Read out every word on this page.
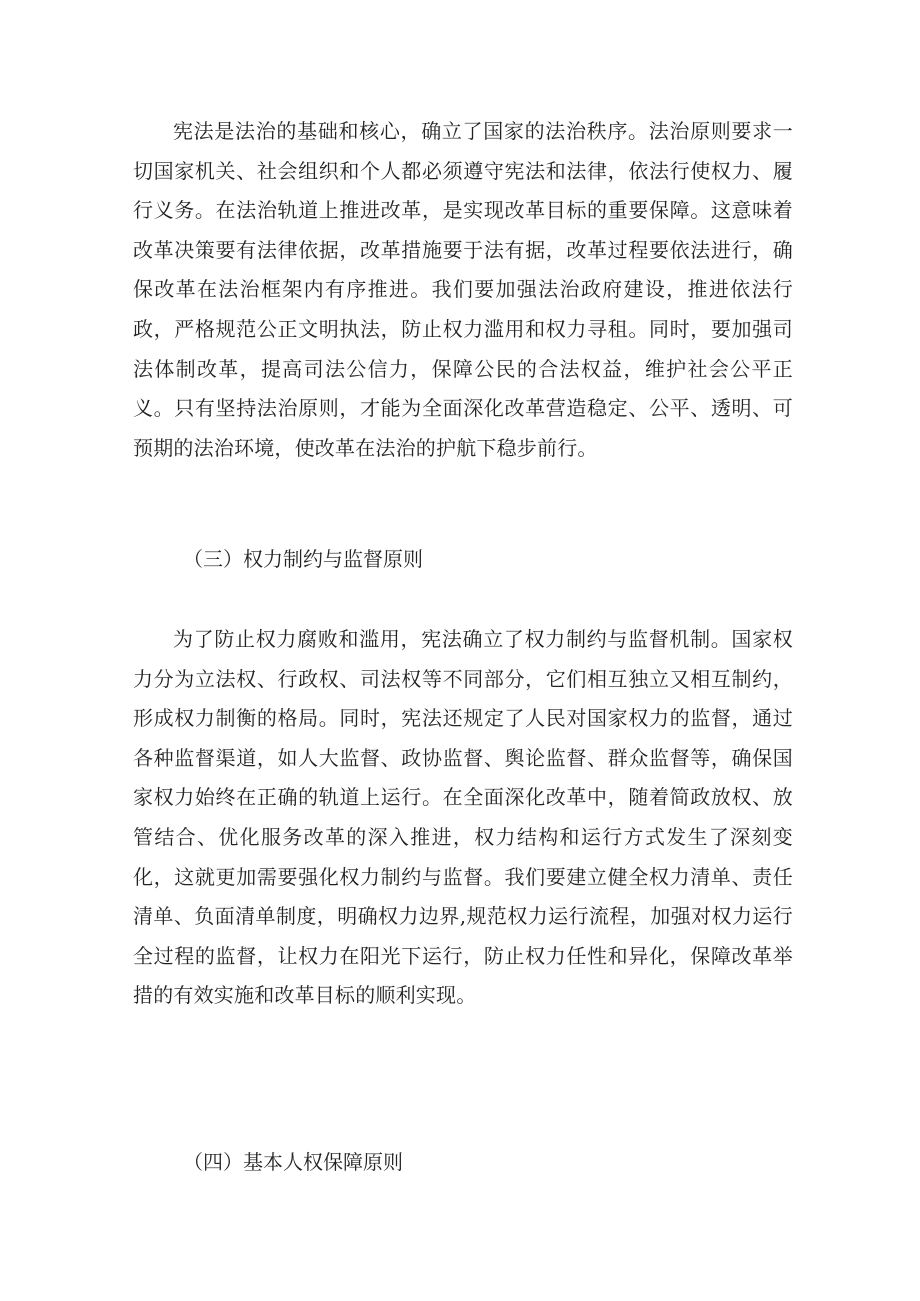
宪法是法治的基础和核心，确立了国家的法治秩序。法治原则要求一切国家机关、社会组织和个人都必须遵守宪法和法律，依法行使权力、履行义务。在法治轨道上推进改革，是实现改革目标的重要保障。这意味着改革决策要有法律依据，改革措施要于法有据，改革过程要依法进行，确保改革在法治框架内有序推进。我们要加强法治政府建设，推进依法行政，严格规范公正文明执法，防止权力滥用和权力寻租。同时，要加强司法体制改革，提高司法公信力，保障公民的合法权益，维护社会公平正义。只有坚持法治原则，才能为全面深化改革营造稳定、公平、透明、可预期的法治环境，使改革在法治的护航下稳步前行。

（三）权力制约与监督原则

为了防止权力腐败和滥用，宪法确立了权力制约与监督机制。国家权力分为立法权、行政权、司法权等不同部分，它们相互独立又相互制约，形成权力制衡的格局。同时，宪法还规定了人民对国家权力的监督，通过各种监督渠道，如人大监督、政协监督、舆论监督、群众监督等，确保国家权力始终在正确的轨道上运行。在全面深化改革中，随着简政放权、放管结合、优化服务改革的深入推进，权力结构和运行方式发生了深刻变化，这就更加需要强化权力制约与监督。我们要建立健全权力清单、责任清单、负面清单制度，明确权力边界,规范权力运行流程，加强对权力运行全过程的监督，让权力在阳光下运行，防止权力任性和异化，保障改革举措的有效实施和改革目标的顺利实现。

（四）基本人权保障原则
